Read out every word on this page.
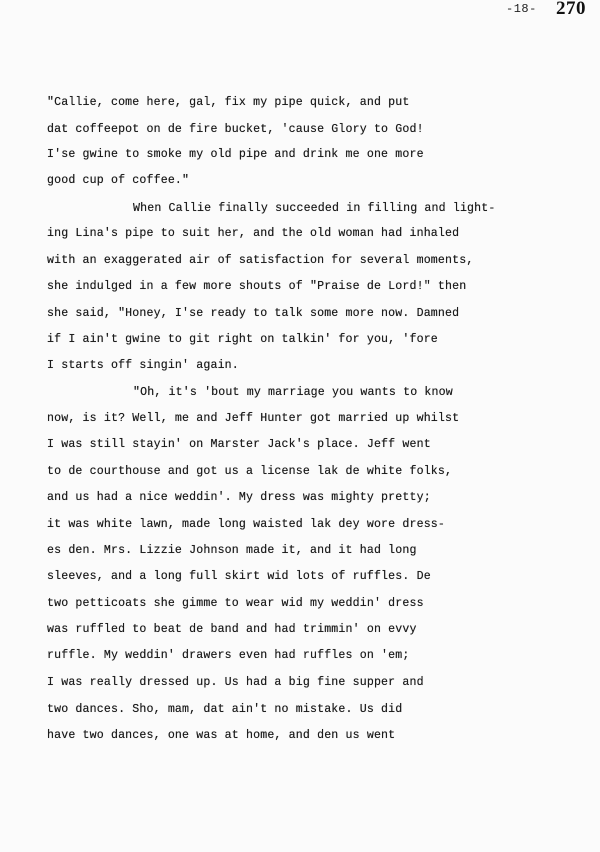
-18- 270
"Callie, come here, gal, fix my pipe quick, and put
dat coffeepot on de fire bucket, 'cause Glory to God!
I'se gwine to smoke my old pipe and drink me one more
good cup of coffee."
When Callie finally succeeded in filling and light-
ing Lina's pipe to suit her, and the old woman had inhaled
with an exaggerated air of satisfaction for several moments,
she indulged in a few more shouts of "Praise de Lord!" then
she said, "Honey, I'se ready to talk some more now. Damned
if I ain't gwine to git right on talkin' for you, 'fore
I starts off singin' again.
"Oh, it's 'bout my marriage you wants to know
now, is it? Well, me and Jeff Hunter got married up whilst
I was still stayin' on Marster Jack's place. Jeff went
to de courthouse and got us a license lak de white folks,
and us had a nice weddin'. My dress was mighty pretty;
it was white lawn, made long waisted lak dey wore dress-
es den. Mrs. Lizzie Johnson made it, and it had long
sleeves, and a long full skirt wid lots of ruffles. De
two petticoats she gimme to wear wid my weddin' dress
was ruffled to beat de band and had trimmin' on evvy
ruffle. My weddin' drawers even had ruffles on 'em;
I was really dressed up. Us had a big fine supper and
two dances. Sho, mam, dat ain't no mistake. Us did
have two dances, one was at home, and den us went
